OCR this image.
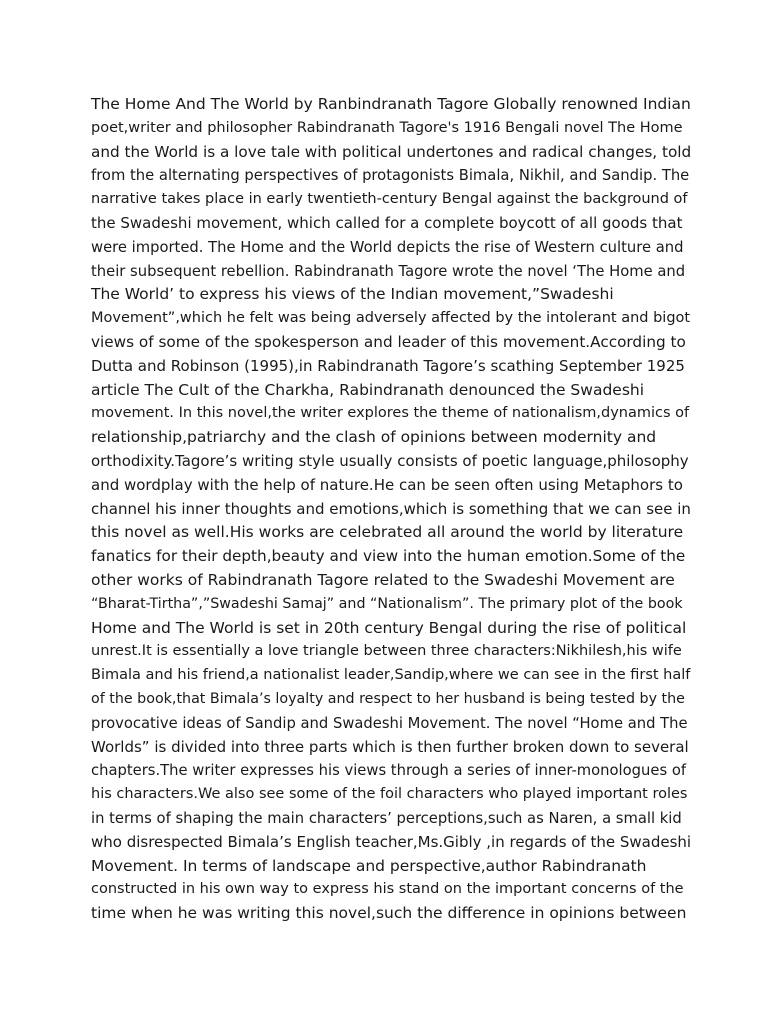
The Home And The World by Ranbindranath Tagore Globally renowned Indian
poet,writer and philosopher Rabindranath Tagore's 1916 Bengali novel The Home
and the World is a love tale with political undertones and radical changes, told
from the alternating perspectives of protagonists Bimala, Nikhil, and Sandip. The
narrative takes place in early twentieth-century Bengal against the background of
the Swadeshi movement, which called for a complete boycott of all goods that
were imported. The Home and the World depicts the rise of Western culture and
their subsequent rebellion. Rabindranath Tagore wrote the novel ‘The Home and
The World’ to express his views of the Indian movement,”Swadeshi
Movement”,which he felt was being adversely affected by the intolerant and bigot
views of some of the spokesperson and leader of this movement.According to
Dutta and Robinson (1995),in Rabindranath Tagore’s scathing September 1925
article The Cult of the Charkha, Rabindranath denounced the Swadeshi
movement. In this novel,the writer explores the theme of nationalism,dynamics of
relationship,patriarchy and the clash of opinions between modernity and
orthodixity.Tagore’s writing style usually consists of poetic language,philosophy
and wordplay with the help of nature.He can be seen often using Metaphors to
channel his inner thoughts and emotions,which is something that we can see in
this novel as well.His works are celebrated all around the world by literature
fanatics for their depth,beauty and view into the human emotion.Some of the
other works of Rabindranath Tagore related to the Swadeshi Movement are
“Bharat-Tirtha”,”Swadeshi Samaj” and “Nationalism”. The primary plot of the book
Home and The World is set in 20th century Bengal during the rise of political
unrest.It is essentially a love triangle between three characters:Nikhilesh,his wife
Bimala and his friend,a nationalist leader,Sandip,where we can see in the first half
of the book,that Bimala’s loyalty and respect to her husband is being tested by the
provocative ideas of Sandip and Swadeshi Movement. The novel “Home and The
Worlds” is divided into three parts which is then further broken down to several
chapters.The writer expresses his views through a series of inner-monologues of
his characters.We also see some of the foil characters who played important roles
in terms of shaping the main characters’ perceptions,such as Naren, a small kid
who disrespected Bimala’s English teacher,Ms.Gibly ,in regards of the Swadeshi
Movement. In terms of landscape and perspective,author Rabindranath
constructed in his own way to express his stand on the important concerns of the
time when he was writing this novel,such the difference in opinions between
